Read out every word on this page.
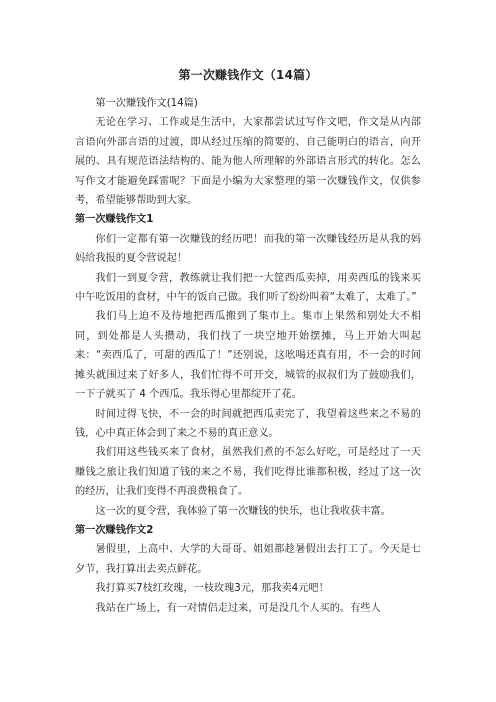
第一次赚钱作文（14篇）

第一次赚钱作文(14篇)

无论在学习、工作或是生活中，大家都尝试过写作文吧，作文是从内部言语向外部言语的过渡，即从经过压缩的简要的、自己能明白的语言，向开展的、具有规范语法结构的、能为他人所理解的外部语言形式的转化。怎么写作文才能避免踩雷呢？下面是小编为大家整理的第一次赚钱作文，仅供参考，希望能够帮助到大家。

第一次赚钱作文1

你们一定都有第一次赚钱的经历吧！而我的第一次赚钱经历是从我的妈妈给我报的夏令营说起！

我们一到夏令营，教练就让我们把一大筐西瓜卖掉，用卖西瓜的钱来买中午吃饭用的食材，中午的饭自己做。我们听了纷纷叫着“太难了，太难了。”

我们马上迫不及待地把西瓜搬到了集市上。集市上果然和别处大不相同，到处都是人头攒动，我们找了一块空地开始摆摊，马上开始大叫起来：“卖西瓜了，可甜的西瓜了！”还别说，这吆喝还真有用，不一会的时间摊头就围过来了好多人，我们忙得不可开交，城管的叔叔们为了鼓励我们，一下子就买了 4 个西瓜。我乐得心里都绽开了花。

时间过得飞快，不一会的时间就把西瓜卖完了，我望着这些来之不易的钱，心中真正体会到了来之不易的真正意义。

我们用这些钱买来了食材，虽然我们煮的不怎么好吃，可是经过了一天赚钱之旅让我们知道了钱的来之不易，我们吃得比谁都积极，经过了这一次的经历，让我们变得不再浪费粮食了。

这一次的夏令营，我体验了第一次赚钱的快乐，也让我收获丰富。

第一次赚钱作文2

暑假里，上高中、大学的大哥哥、姐姐都趁暑假出去打工了。今天是七夕节，我打算出去卖点鲜花。

我打算买7枝红玫瑰，一枝玫瑰3元，那我卖4元吧！

我站在广场上，有一对情侣走过来，可是没几个人买的。有些人
